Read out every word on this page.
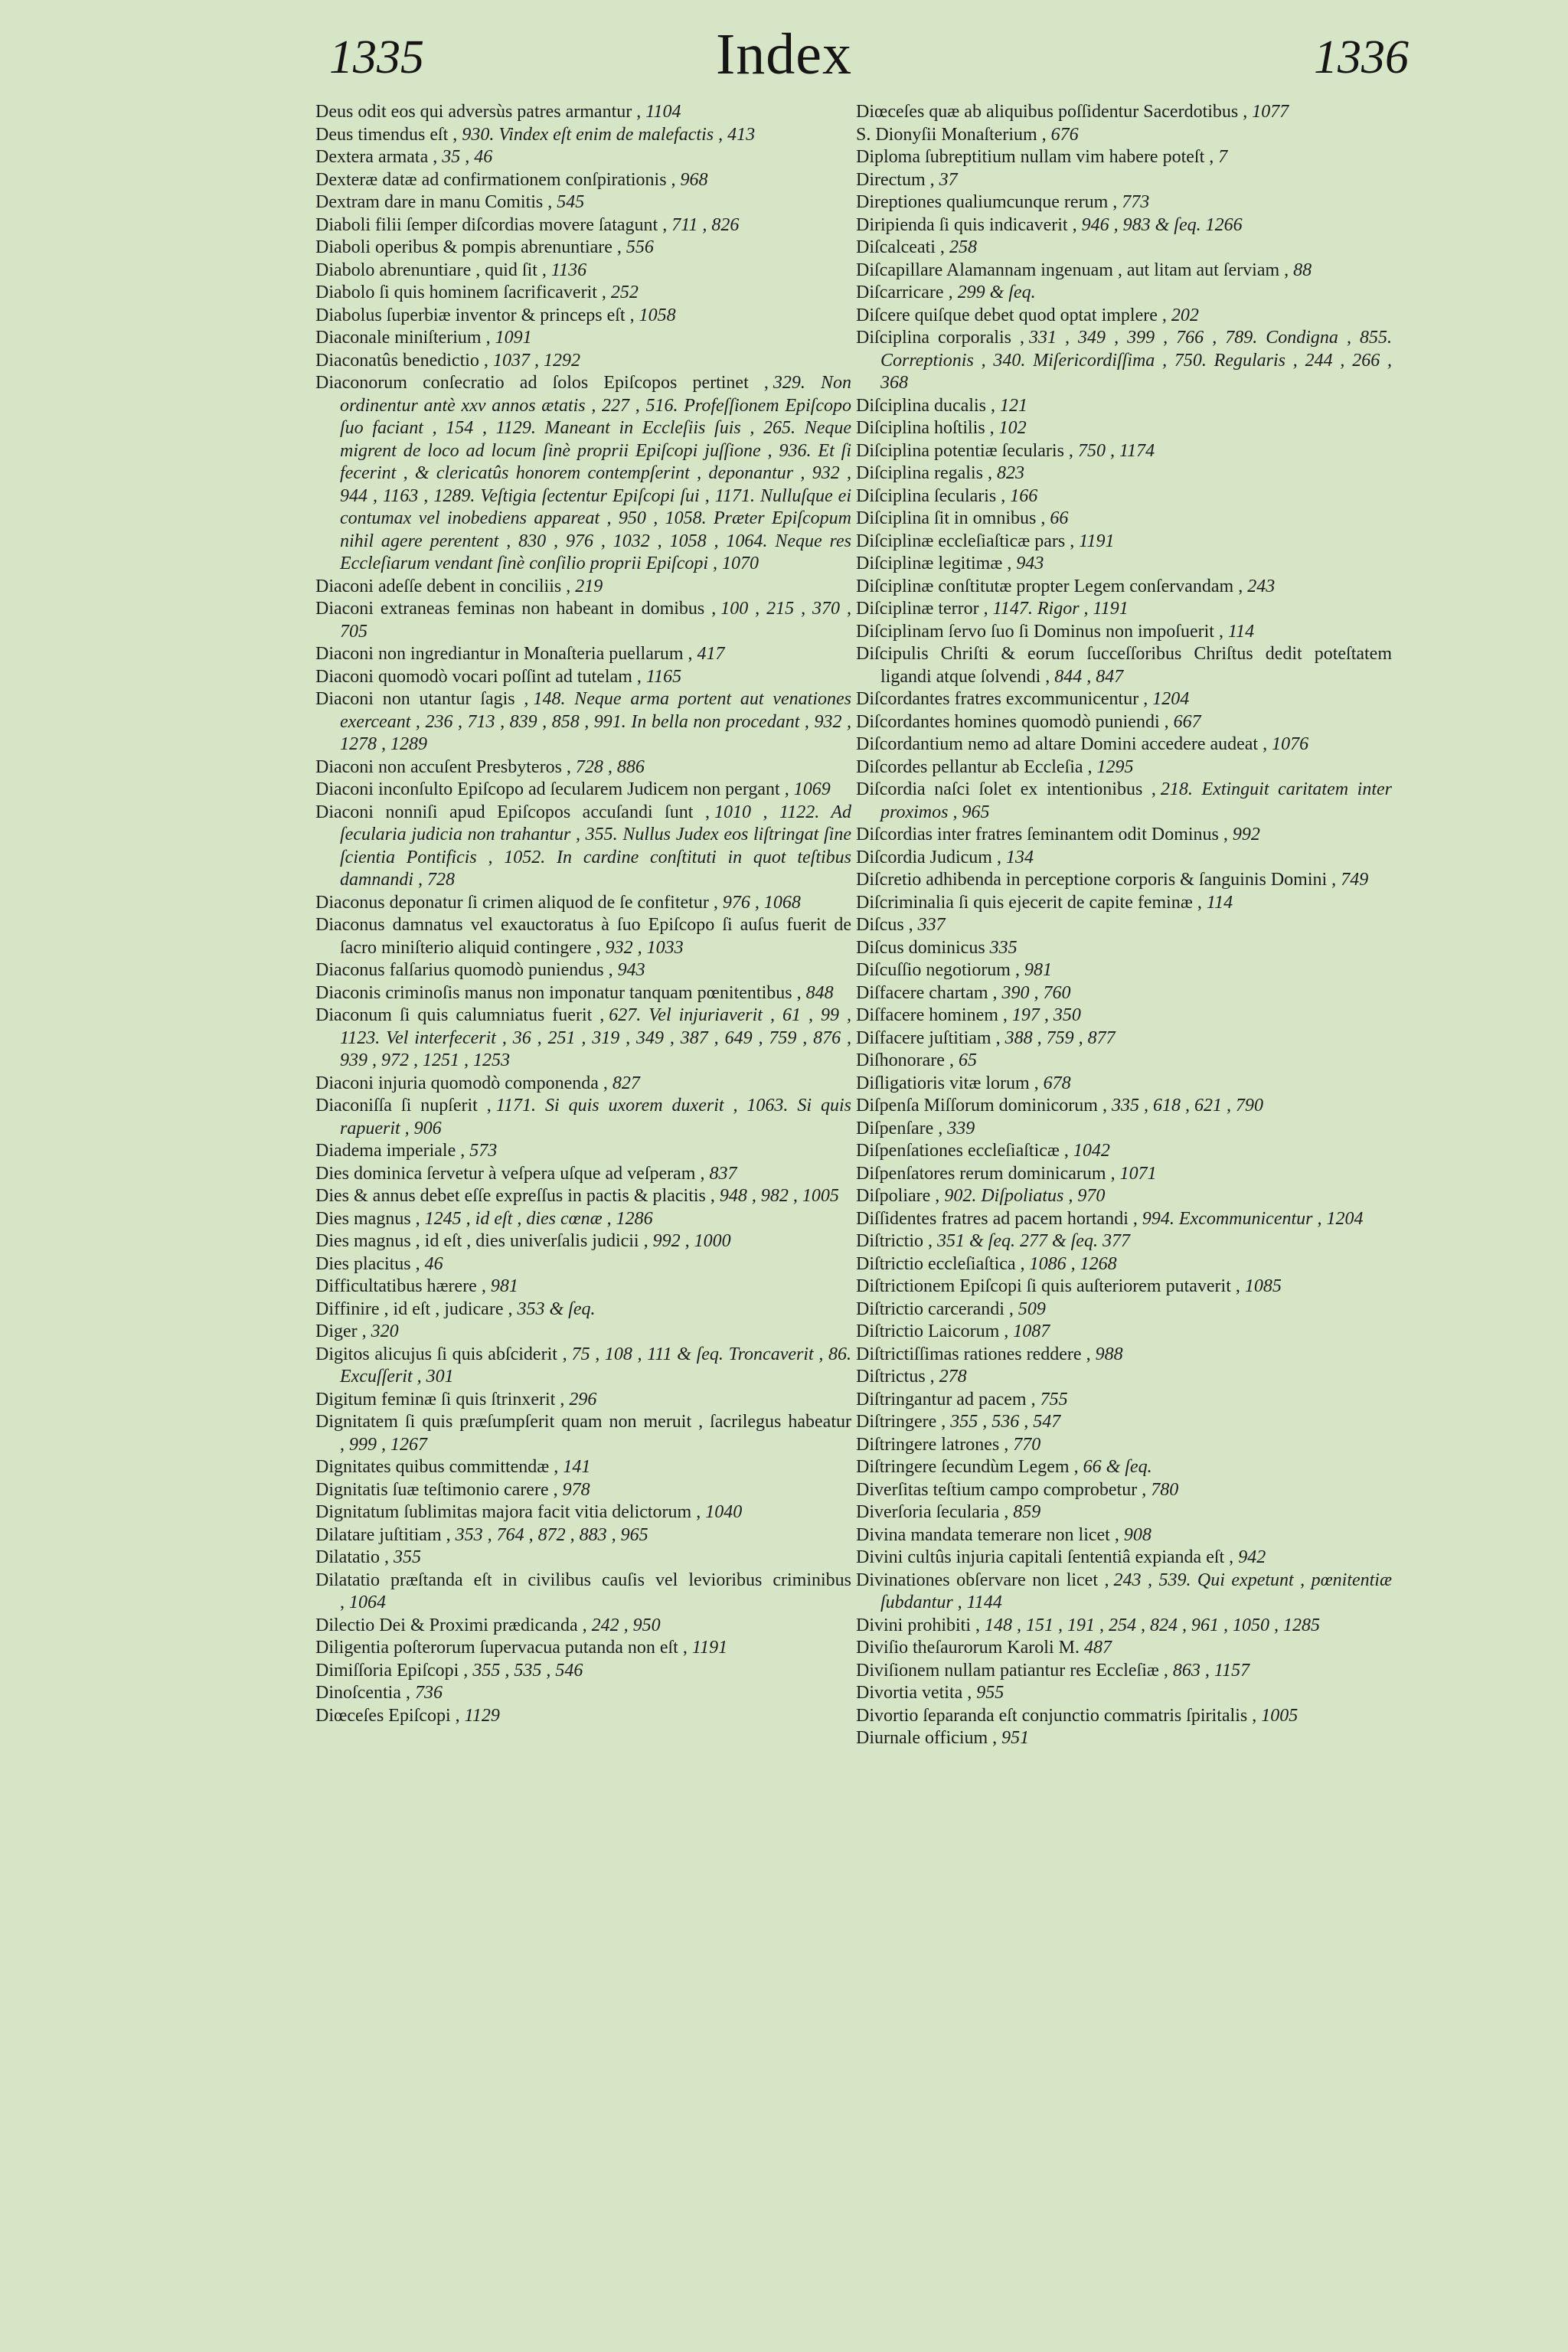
1335	Index	1336

Deus odit eos qui adversùs patres armantur , 1104

Deus timendus eſt , 930. Vindex eſt enim de malefactis , 413

Dextera armata , 35 , 46

Dexteræ datæ ad confirmationem conſpirationis , 968

Dextram dare in manu Comitis , 545

Diaboli filii ſemper diſcordias movere ſatagunt , 711 , 826

Diaboli operibus & pompis abrenuntiare , 556

Diabolo abrenuntiare , quid ſit , 1136

Diabolo ſi quis hominem ſacrificaverit , 252

Diabolus ſuperbiæ inventor & princeps eſt , 1058

Diaconale miniſterium , 1091

Diaconatûs benedictio , 1037 , 1292

Diaconorum conſecratio ad ſolos Epiſcopos pertinet , 329. Non ordinentur antè xxv annos ætatis , 227 , 516. Profeſſionem Epiſcopo ſuo faciant , 154 , 1129. Maneant in Eccleſiis ſuis , 265. Neque migrent de loco ad locum ſinè proprii Epiſcopi juſſione , 936. Et ſi fecerint , & clericatûs honorem contempſerint , deponantur , 932 , 944 , 1163 , 1289. Veſtigia ſectentur Epiſcopi ſui , 1171. Nulluſque ei contumax vel inobediens appareat , 950 , 1058. Præter Epiſcopum nihil agere perentent , 830 , 976 , 1032 , 1058 , 1064. Neque res Eccleſiarum vendant ſinè conſilio proprii Epiſcopi , 1070

Diaconi adeſſe debent in conciliis , 219

Diaconi extraneas feminas non habeant in domibus , 100 , 215 , 370 , 705

Diaconi non ingrediantur in Monaſteria puellarum , 417

Diaconi quomodò vocari poſſint ad tutelam , 1165

Diaconi non utantur ſagis , 148. Neque arma portent aut venationes exerceant , 236 , 713 , 839 , 858 , 991. In bella non procedant , 932 , 1278 , 1289

Diaconi non accuſent Presbyteros , 728 , 886

Diaconi inconſulto Epiſcopo ad ſecularem Judicem non pergant , 1069

Diaconi nonniſi apud Epiſcopos accuſandi ſunt , 1010 , 1122. Ad ſecularia judicia non trahantur , 355. Nullus Judex eos liſtringat ſine ſcientia Pontificis , 1052. In cardine conſtituti in quot teſtibus damnandi , 728

Diaconus deponatur ſi crimen aliquod de ſe confitetur , 976 , 1068

Diaconus damnatus vel exauctoratus à ſuo Epiſcopo ſi auſus fuerit de ſacro miniſterio aliquid contingere , 932 , 1033

Diaconus falſarius quomodò puniendus , 943

Diaconis criminoſis manus non imponatur tanquam pœnitentibus , 848

Diaconum ſi quis calumniatus fuerit , 627. Vel injuriaverit , 61 , 99 , 1123. Vel interfecerit , 36 , 251 , 319 , 349 , 387 , 649 , 759 , 876 , 939 , 972 , 1251 , 1253

Diaconi injuria quomodò componenda , 827

Diaconiſſa ſi nupſerit , 1171. Si quis uxorem duxerit , 1063. Si quis rapuerit , 906

Diadema imperiale , 573

Dies dominica ſervetur à veſpera uſque ad veſperam , 837

Dies & annus debet eſſe expreſſus in pactis & placitis , 948 , 982 , 1005

Dies magnus , 1245 , id eſt , dies cœnæ , 1286

Dies magnus , id eſt , dies univerſalis judicii , 992 , 1000

Dies placitus , 46

Difficultatibus hærere , 981

Diffinire , id eſt , judicare , 353 & ſeq.

Diger , 320

Digitos alicujus ſi quis abſciderit , 75 , 108 , 111 & ſeq. Troncaverit , 86. Excuſſerit , 301

Digitum feminæ ſi quis ſtrinxerit , 296

Dignitatem ſi quis præſumpſerit quam non meruit , ſacrilegus habeatur , 999 , 1267

Dignitates quibus committendæ , 141

Dignitatis ſuæ teſtimonio carere , 978

Dignitatum ſublimitas majora facit vitia delictorum , 1040

Dilatare juſtitiam , 353 , 764 , 872 , 883 , 965

Dilatatio , 355

Dilatatio præſtanda eſt in civilibus cauſis vel levioribus criminibus , 1064

Dilectio Dei & Proximi prædicanda , 242 , 950

Diligentia poſterorum ſupervacua putanda non eſt , 1191

Dimiſſoria Epiſcopi , 355 , 535 , 546

Dinoſcentia , 736

Diœceſes Epiſcopi , 1129

Diœceſes quæ ab aliquibus poſſidentur Sacerdotibus , 1077

S. Dionyſii Monaſterium , 676

Diploma ſubreptitium nullam vim habere poteſt , 7

Directum , 37

Direptiones qualiumcunque rerum , 773

Diripienda ſi quis indicaverit , 946 , 983 & ſeq. 1266

Diſcalceati , 258

Diſcapillare Alamannam ingenuam , aut litam aut ſerviam , 88

Diſcarricare , 299 & ſeq.

Diſcere quiſque debet quod optat implere , 202

Diſciplina corporalis , 331 , 349 , 399 , 766 , 789. Condigna , 855. Correptionis , 340. Miſericordiſſima , 750. Regularis , 244 , 266 , 368

Diſciplina ducalis , 121

Diſciplina hoſtilis , 102

Diſciplina potentiæ ſecularis , 750 , 1174

Diſciplina regalis , 823

Diſciplina ſecularis , 166

Diſciplina ſit in omnibus , 66

Diſciplinæ eccleſiaſticæ pars , 1191

Diſciplinæ legitimæ , 943

Diſciplinæ conſtitutæ propter Legem conſervandam , 243

Diſciplinæ terror , 1147. Rigor , 1191

Diſciplinam ſervo ſuo ſi Dominus non impoſuerit , 114

Diſcipulis Chriſti & eorum ſucceſſoribus Chriſtus dedit poteſtatem ligandi atque ſolvendi , 844 , 847

Diſcordantes fratres excommunicentur , 1204

Diſcordantes homines quomodò puniendi , 667

Diſcordantium nemo ad altare Domini accedere audeat , 1076

Diſcordes pellantur ab Eccleſia , 1295

Diſcordia naſci ſolet ex intentionibus , 218. Extinguit caritatem inter proximos , 965

Diſcordias inter fratres ſeminantem odit Dominus , 992

Diſcordia Judicum , 134

Diſcretio adhibenda in perceptione corporis & ſanguinis Domini , 749

Diſcriminalia ſi quis ejecerit de capite feminæ , 114

Diſcus , 337

Diſcus dominicus 335

Diſcuſſio negotiorum , 981

Diſfacere chartam , 390 , 760

Diſfacere hominem , 197 , 350

Diſfacere juſtitiam , 388 , 759 , 877

Diſhonorare , 65

Diſligatioris vitæ lorum , 678

Diſpenſa Miſſorum dominicorum , 335 , 618 , 621 , 790

Diſpenſare , 339

Diſpenſationes eccleſiaſticæ , 1042

Diſpenſatores rerum dominicarum , 1071

Diſpoliare , 902. Diſpoliatus , 970

Diſſidentes fratres ad pacem hortandi , 994. Excommunicentur , 1204

Diſtrictio , 351 & ſeq. 277 & ſeq. 377

Diſtrictio eccleſiaſtica , 1086 , 1268

Diſtrictionem Epiſcopi ſi quis auſteriorem putaverit , 1085

Diſtrictio carcerandi , 509

Diſtrictio Laicorum , 1087

Diſtrictiſſimas rationes reddere , 988

Diſtrictus , 278

Diſtringantur ad pacem , 755

Diſtringere , 355 , 536 , 547

Diſtringere latrones , 770

Diſtringere ſecundùm Legem , 66 & ſeq.

Diverſitas teſtium campo comprobetur , 780

Diverſoria ſecularia , 859

Divina mandata temerare non licet , 908

Divini cultûs injuria capitali ſententiâ expianda eſt , 942

Divinationes obſervare non licet , 243 , 539. Qui expetunt , pœnitentiæ ſubdantur , 1144

Divini prohibiti , 148 , 151 , 191 , 254 , 824 , 961 , 1050 , 1285

Diviſio theſaurorum Karoli M. 487

Diviſionem nullam patiantur res Eccleſiæ , 863 , 1157

Divortia vetita , 955

Divortio ſeparanda eſt conjunctio commatris ſpiritalis , 1005

Diurnale officium , 951
